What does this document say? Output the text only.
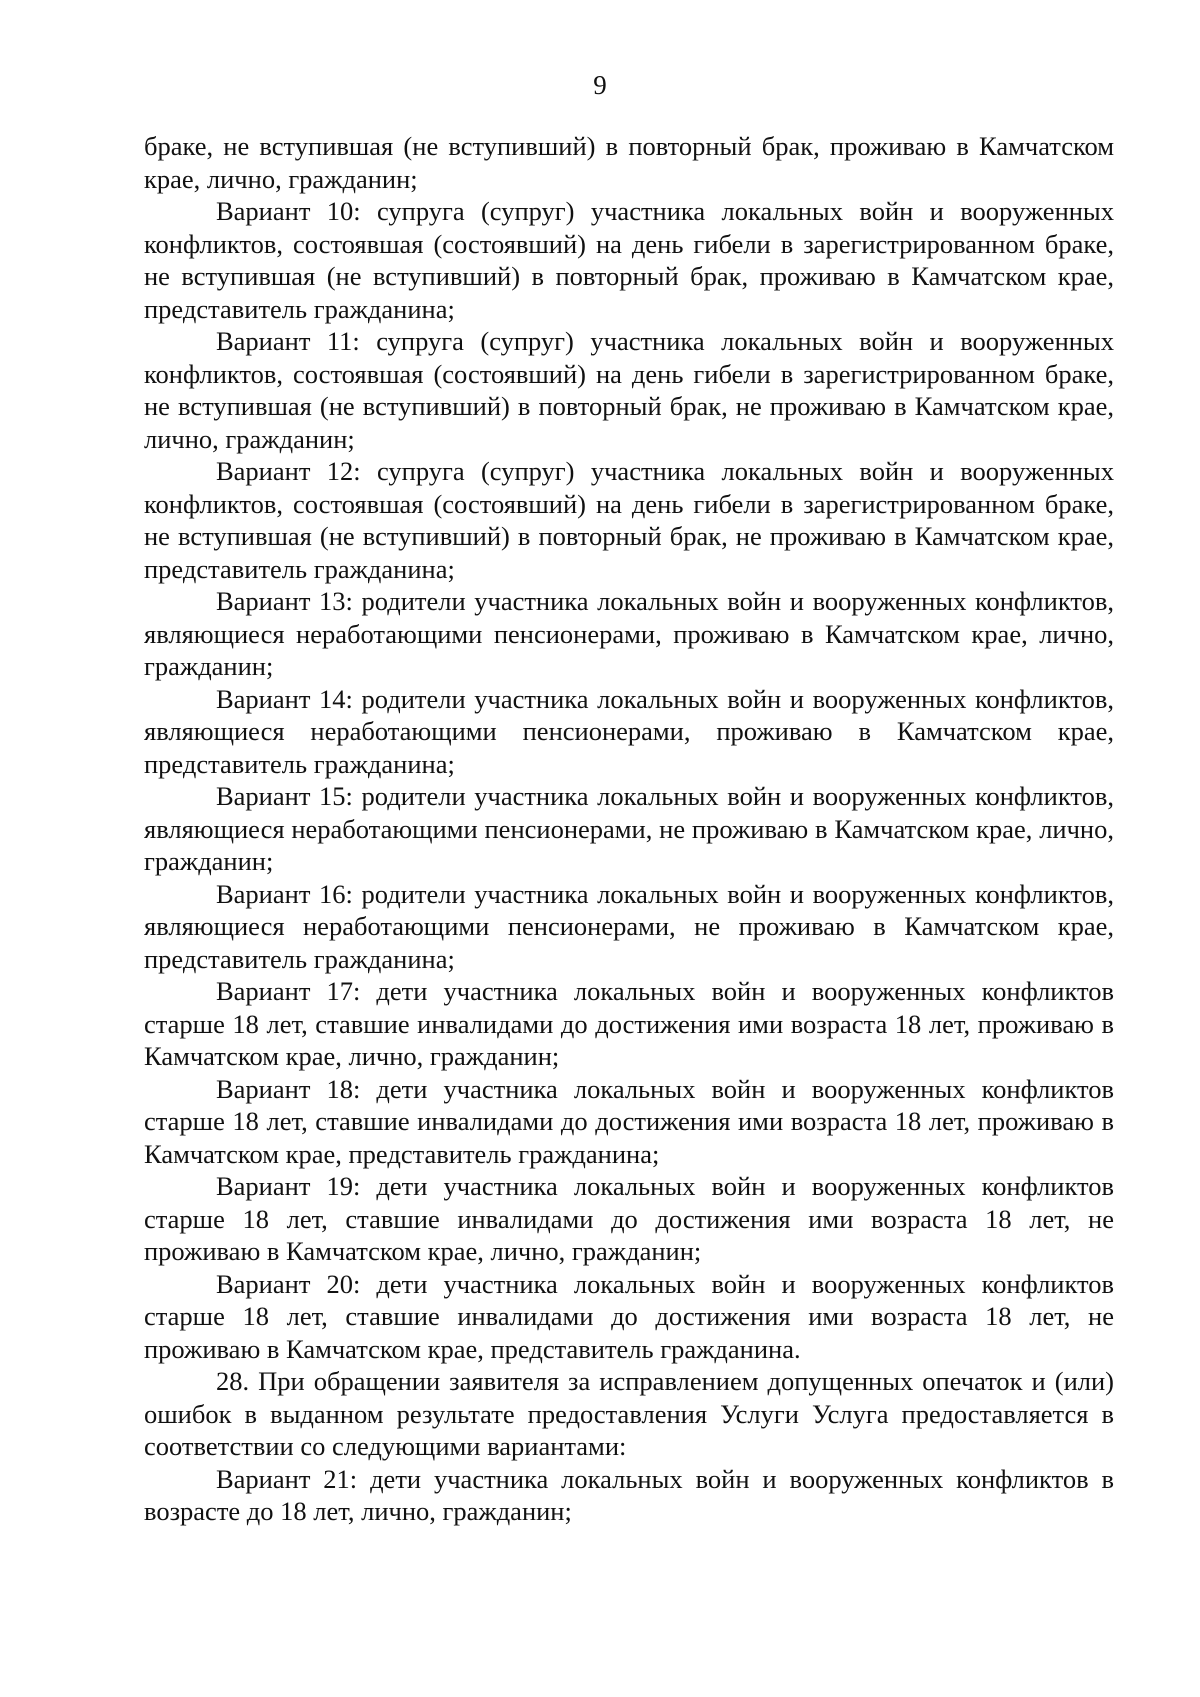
9

браке, не вступившая (не вступивший) в повторный брак, проживаю в Камчатском крае, лично, гражданин;

Вариант 10: супруга (супруг) участника локальных войн и вооруженных конфликтов, состоявшая (состоявший) на день гибели в зарегистрированном браке, не вступившая (не вступивший) в повторный брак, проживаю в Камчатском крае, представитель гражданина;

Вариант 11: супруга (супруг) участника локальных войн и вооруженных конфликтов, состоявшая (состоявший) на день гибели в зарегистрированном браке, не вступившая (не вступивший) в повторный брак, не проживаю в Камчатском крае, лично, гражданин;

Вариант 12: супруга (супруг) участника локальных войн и вооруженных конфликтов, состоявшая (состоявший) на день гибели в зарегистрированном браке, не вступившая (не вступивший) в повторный брак, не проживаю в Камчатском крае, представитель гражданина;

Вариант 13: родители участника локальных войн и вооруженных конфликтов, являющиеся неработающими пенсионерами, проживаю в Камчатском крае, лично, гражданин;

Вариант 14: родители участника локальных войн и вооруженных конфликтов, являющиеся неработающими пенсионерами, проживаю в Камчатском крае, представитель гражданина;

Вариант 15: родители участника локальных войн и вооруженных конфликтов, являющиеся неработающими пенсионерами, не проживаю в Камчатском крае, лично, гражданин;

Вариант 16: родители участника локальных войн и вооруженных конфликтов, являющиеся неработающими пенсионерами, не проживаю в Камчатском крае, представитель гражданина;

Вариант 17: дети участника локальных войн и вооруженных конфликтов старше 18 лет, ставшие инвалидами до достижения ими возраста 18 лет, проживаю в Камчатском крае, лично, гражданин;

Вариант 18: дети участника локальных войн и вооруженных конфликтов старше 18 лет, ставшие инвалидами до достижения ими возраста 18 лет, проживаю в Камчатском крае, представитель гражданина;

Вариант 19: дети участника локальных войн и вооруженных конфликтов старше 18 лет, ставшие инвалидами до достижения ими возраста 18 лет, не проживаю в Камчатском крае, лично, гражданин;

Вариант 20: дети участника локальных войн и вооруженных конфликтов старше 18 лет, ставшие инвалидами до достижения ими возраста 18 лет, не проживаю в Камчатском крае, представитель гражданина.

28. При обращении заявителя за исправлением допущенных опечаток и (или) ошибок в выданном результате предоставления Услуги Услуга предоставляется в соответствии со следующими вариантами:

Вариант 21: дети участника локальных войн и вооруженных конфликтов в возрасте до 18 лет, лично, гражданин;
